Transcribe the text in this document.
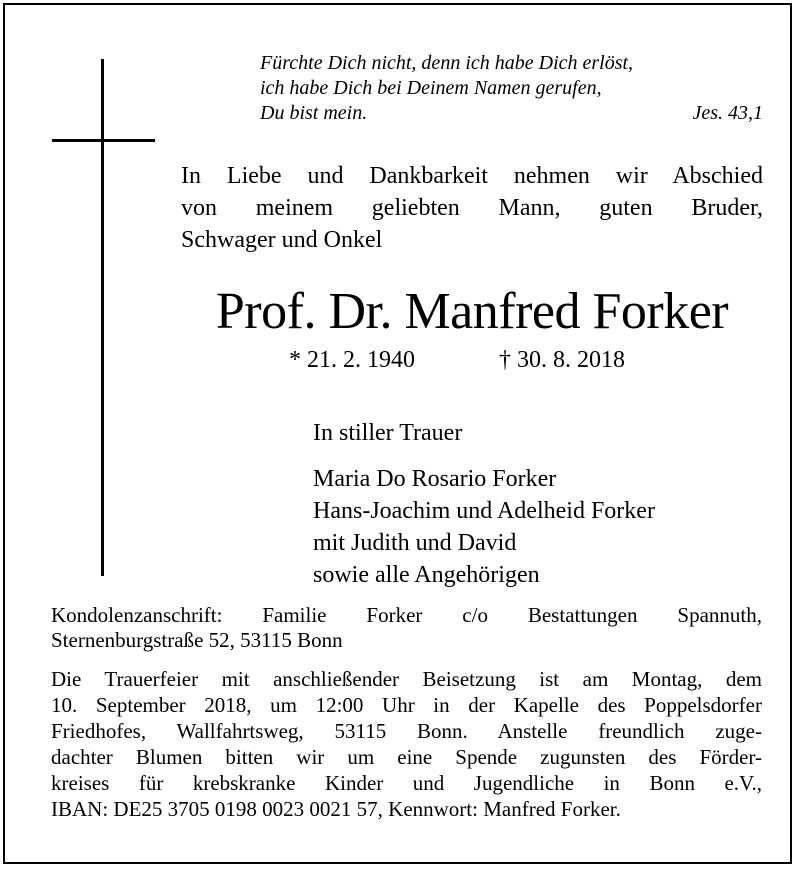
Fürchte Dich nicht, denn ich habe Dich erlöst,
ich habe Dich bei Deinem Namen gerufen,
Du bist mein.	Jes. 43,1
In Liebe und Dankbarkeit nehmen wir Abschied
von meinem geliebten Mann, guten Bruder,
Schwager und Onkel
Prof. Dr. Manfred Forker
* 21. 2. 1940	† 30. 8. 2018
In stiller Trauer
Maria Do Rosario Forker
Hans-Joachim und Adelheid Forker
mit Judith und David
sowie alle Angehörigen
Kondolenzanschrift: Familie Forker c/o Bestattungen Spannuth,
Sternenburgstraße 52, 53115 Bonn
Die Trauerfeier mit anschließender Beisetzung ist am Montag, dem
10. September 2018, um 12:00 Uhr in der Kapelle des Poppelsdorfer
Friedhofes, Wallfahrtsweg, 53115 Bonn. Anstelle freundlich zuge-
dachter Blumen bitten wir um eine Spende zugunsten des Förder-
kreises für krebskranke Kinder und Jugendliche in Bonn e.V.,
IBAN: DE25 3705 0198 0023 0021 57, Kennwort: Manfred Forker.
